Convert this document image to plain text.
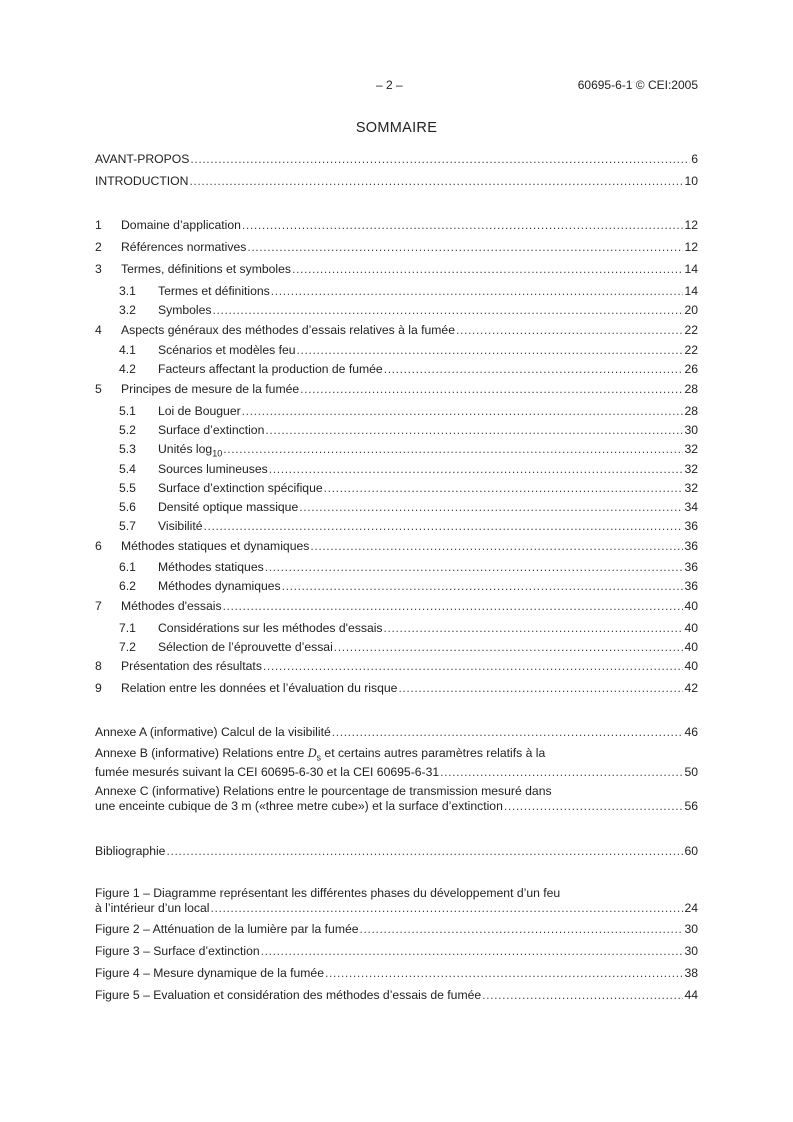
– 2 –	60695-6-1 © CEI:2005
SOMMAIRE
AVANT-PROPOS .....	6
INTRODUCTION .....	10
1	Domaine d’application .....	12
2	Références normatives .....	12
3	Termes, définitions et symboles .....	14
3.1	Termes et définitions .....	14
3.2	Symboles .....	20
4	Aspects généraux des méthodes d’essais relatives à la fumée .....	22
4.1	Scénarios et modèles feu .....	22
4.2	Facteurs affectant la production de fumée .....	26
5	Principes de mesure de la fumée .....	28
5.1	Loi de Bouguer .....	28
5.2	Surface d’extinction .....	30
5.3	Unités $\log_{10}$ .....	32
5.4	Sources lumineuses .....	32
5.5	Surface d’extinction spécifique .....	32
5.6	Densité optique massique .....	34
5.7	Visibilité .....	36
6	Méthodes statiques et dynamiques .....	36
6.1	Méthodes statiques .....	36
6.2	Méthodes dynamiques .....	36
7	Méthodes d'essais .....	40
7.1	Considérations sur les méthodes d'essais .....	40
7.2	Sélection de l’éprouvette d’essai .....	40
8	Présentation des résultats .....	40
9	Relation entre les données et l’évaluation du risque .....	42
Annexe A (informative) Calcul de la visibilité .....	46
Annexe B (informative) Relations entre $D_s$ et certains autres paramètres relatifs à la
fumée mesurés suivant la CEI 60695-6-30 et la CEI 60695-6-31 .....	50
Annexe C (informative) Relations entre le pourcentage de transmission mesuré dans
une enceinte cubique de 3 m («three metre cube») et la surface d’extinction .....	56
Bibliographie .....	60
Figure 1 – Diagramme représentant les différentes phases du développement d’un feu
à l’intérieur d’un local .....	24
Figure 2 – Atténuation de la lumière par la fumée .....	30
Figure 3 – Surface d’extinction .....	30
Figure 4 – Mesure dynamique de la fumée .....	38
Figure 5 – Evaluation et considération des méthodes d’essais de fumée .....	44
